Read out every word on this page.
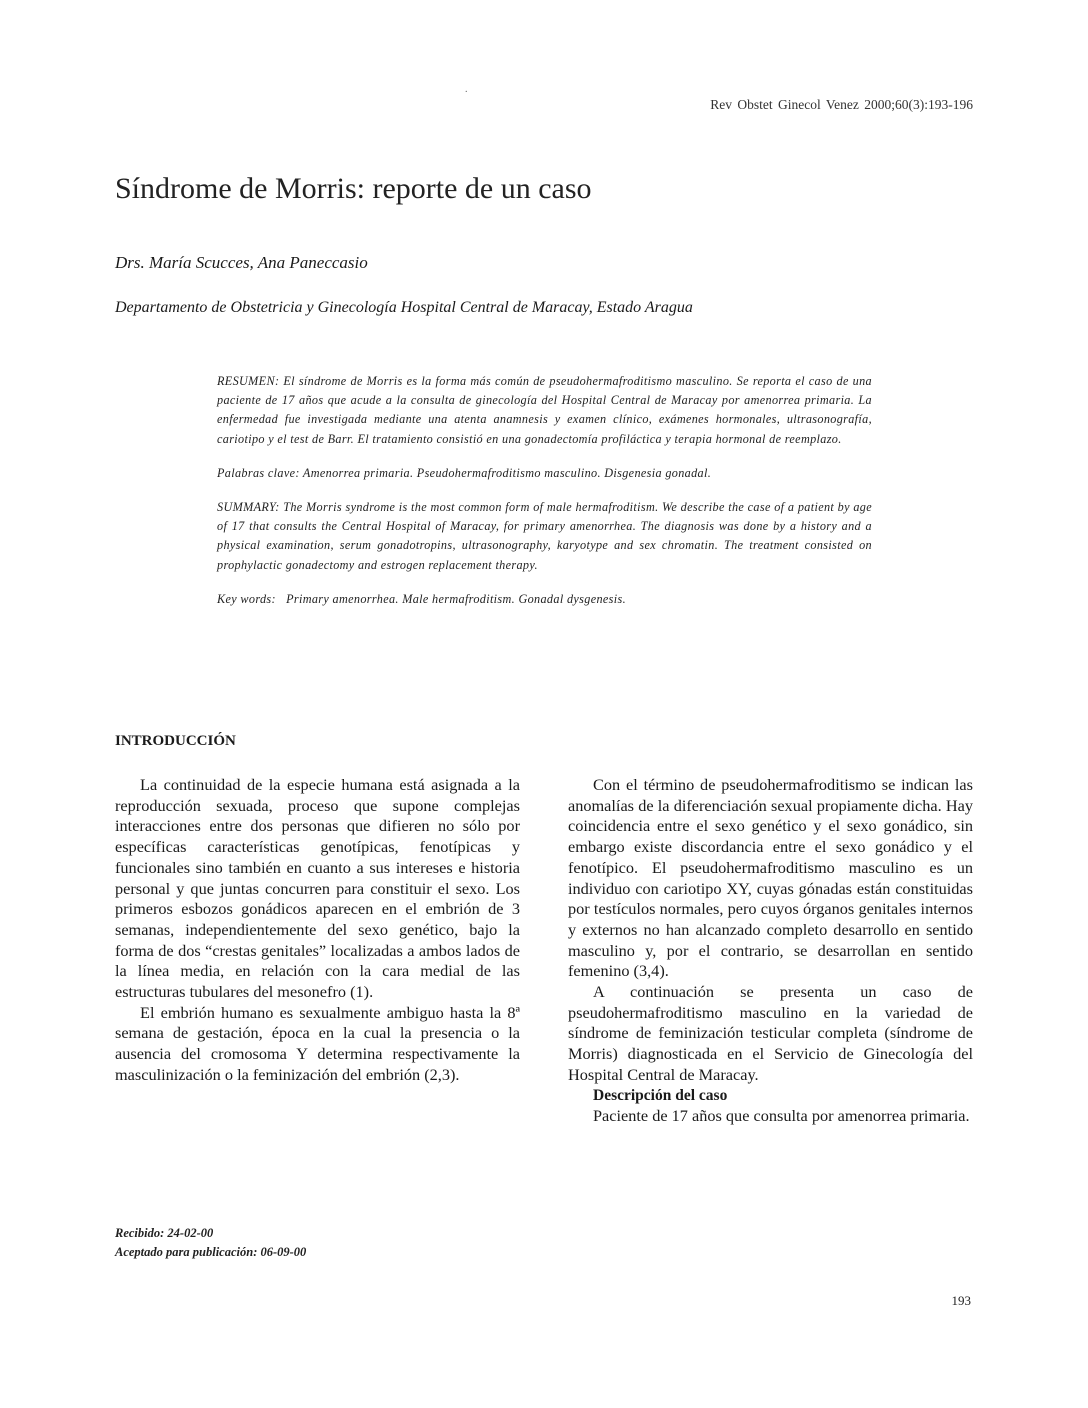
.
Rev Obstet Ginecol Venez 2000;60(3):193-196
Síndrome de Morris: reporte de un caso

Drs. María Scucces, Ana Paneccasio

Departamento de Obstetricia y Ginecología Hospital Central de Maracay, Estado Aragua

RESUMEN: El síndrome de Morris es la forma más común de pseudohermafroditismo masculino. Se reporta el caso de una paciente de 17 años que acude a la consulta de ginecología del Hospital Central de Maracay por amenorrea primaria. La enfermedad fue investigada mediante una atenta anamnesis y examen clínico, exámenes hormonales, ultrasonografía, cariotipo y el test de Barr. El tratamiento consistió en una gonadectomía profiláctica y terapia hormonal de reemplazo.

Palabras clave: Amenorrea primaria. Pseudohermafroditismo masculino. Disgenesia gonadal.

SUMMARY: The Morris syndrome is the most common form of male hermafroditism. We describe the case of a patient by age of 17 that consults the Central Hospital of Maracay, for primary amenorrhea. The diagnosis was done by a history and a physical examination, serum gonadotropins, ultrasonography, karyotype and sex chromatin. The treatment consisted on prophylactic gonadectomy and estrogen replacement therapy.

Key words:   Primary amenorrhea. Male hermafroditism. Gonadal dysgenesis.

INTRODUCCIÓN

La continuidad de la especie humana está asignada a la reproducción sexuada, proceso que supone complejas interacciones entre dos personas que difieren no sólo por específicas características genotípicas, fenotípicas y funcionales sino también en cuanto a sus intereses e historia personal y que juntas concurren para constituir el sexo. Los primeros esbozos gonádicos aparecen en el embrión de 3 semanas, independientemente del sexo genético, bajo la forma de dos “crestas genitales” localizadas a ambos lados de la línea media, en relación con la cara medial de las estructuras tubulares del mesonefro (1).

El embrión humano es sexualmente ambiguo hasta la 8ª semana de gestación, época en la cual la presencia o la ausencia del cromosoma Y determina respectivamente la masculinización o la feminización del embrión (2,3).

Con el término de pseudohermafroditismo se indican las anomalías de la diferenciación sexual propiamente dicha. Hay coincidencia entre el sexo genético y el sexo gonádico, sin embargo existe discordancia entre el sexo gonádico y el fenotípico. El pseudohermafroditismo masculino es un individuo con cariotipo XY, cuyas gónadas están constituidas por testículos normales, pero cuyos órganos genitales internos y externos no han alcanzado completo desarrollo en sentido masculino y, por el contrario, se desarrollan en sentido femenino (3,4).

A continuación se presenta un caso de pseudohermafroditismo masculino en la variedad de síndrome de feminización testicular completa (síndrome de Morris) diagnosticada en el Servicio de Ginecología del Hospital Central de Maracay.

Descripción del caso

Paciente de 17 años que consulta por amenorrea primaria.

Recibido: 24-02-00
Aceptado para publicación: 06-09-00
193
